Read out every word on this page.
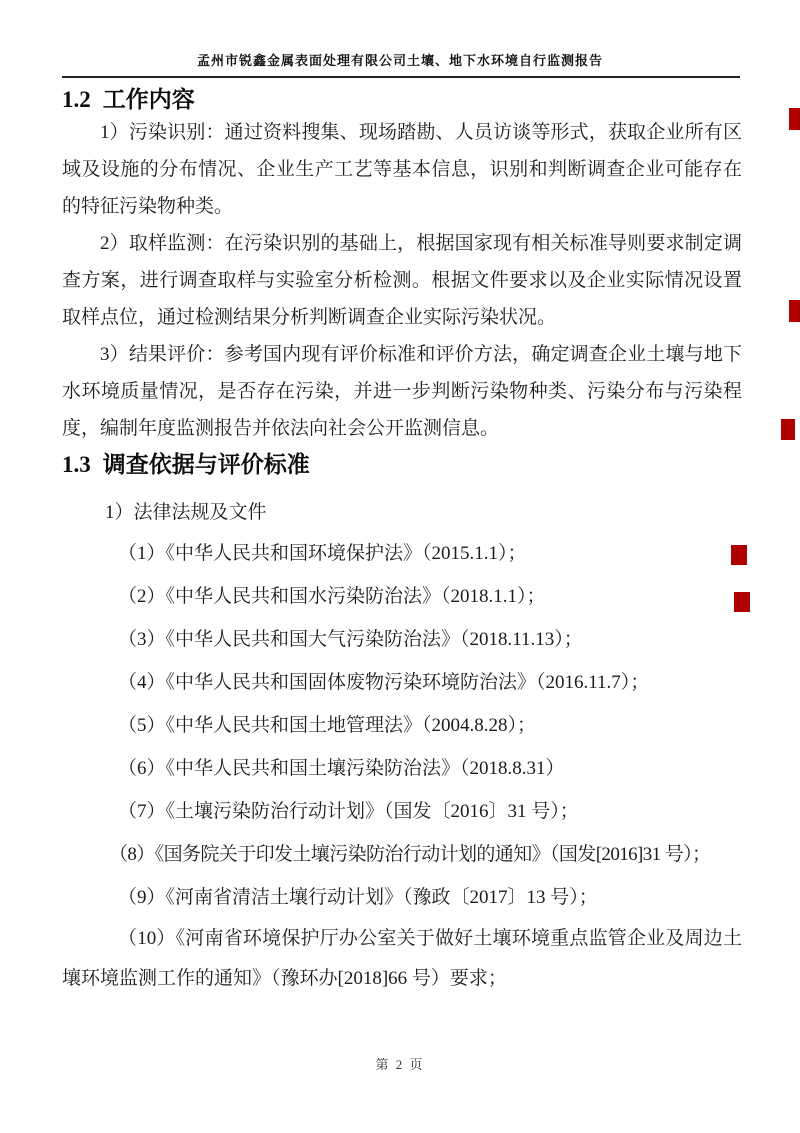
孟州市锐鑫金属表面处理有限公司土壤、地下水环境自行监测报告
1.2 工作内容

1）污染识别：通过资料搜集、现场踏勘、人员访谈等形式，获取企业所有区域及设施的分布情况、企业生产工艺等基本信息，识别和判断调查企业可能存在的特征污染物种类。

2）取样监测：在污染识别的基础上，根据国家现有相关标准导则要求制定调查方案，进行调查取样与实验室分析检测。根据文件要求以及企业实际情况设置取样点位，通过检测结果分析判断调查企业实际污染状况。

3）结果评价：参考国内现有评价标准和评价方法，确定调查企业土壤与地下水环境质量情况，是否存在污染，并进一步判断污染物种类、污染分布与污染程度，编制年度监测报告并依法向社会公开监测信息。

1.3 调查依据与评价标准

1）法律法规及文件

（1）《中华人民共和国环境保护法》（2015.1.1）；

（2）《中华人民共和国水污染防治法》（2018.1.1）；

（3）《中华人民共和国大气污染防治法》（2018.11.13）；

（4）《中华人民共和国固体废物污染环境防治法》（2016.11.7）；

（5）《中华人民共和国土地管理法》（2004.8.28）；

（6）《中华人民共和国土壤污染防治法》（2018.8.31）

（7）《土壤污染防治行动计划》（国发〔2016〕31 号）；

（8）《国务院关于印发土壤污染防治行动计划的通知》（国发[2016]31 号）；

（9）《河南省清洁土壤行动计划》（豫政〔2017〕13 号）；

（10）《河南省环境保护厅办公室关于做好土壤环境重点监管企业及周边土壤环境监测工作的通知》（豫环办[2018]66 号）要求；

第 2 页
